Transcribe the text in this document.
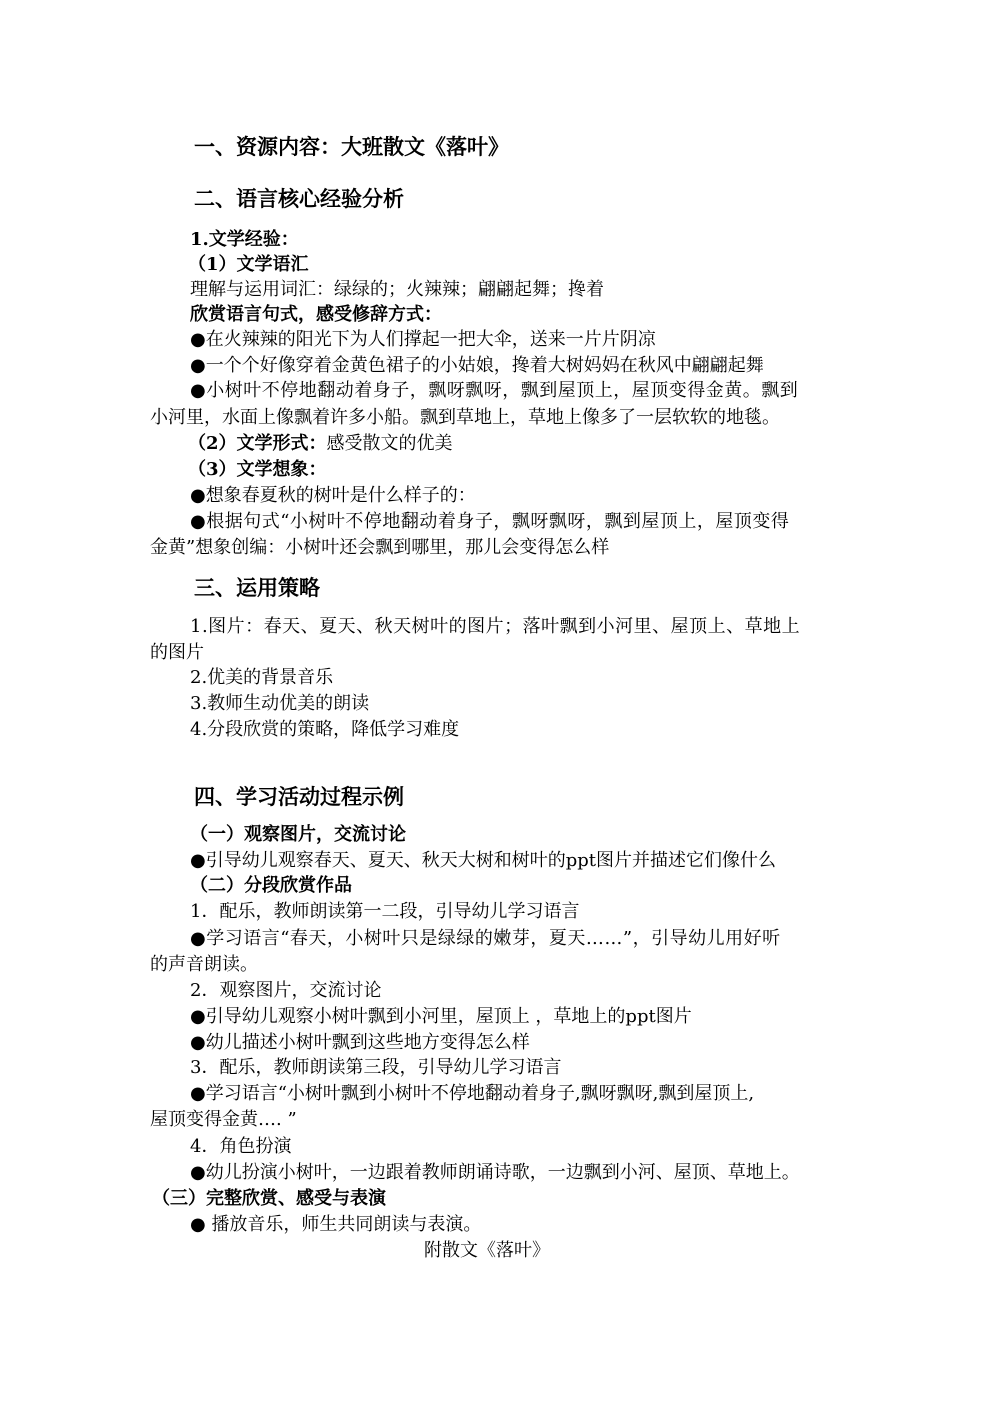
一、资源内容：大班散文《落叶》
二、语言核心经验分析
1.文学经验：
（1）文学语汇
理解与运用词汇：绿绿的；火辣辣；翩翩起舞；搀着
欣赏语言句式，感受修辞方式：
●在火辣辣的阳光下为人们撑起一把大伞，送来一片片阴凉
●一个个好像穿着金黄色裙子的小姑娘，搀着大树妈妈在秋风中翩翩起舞
●小树叶不停地翻动着身子，飘呀飘呀，飘到屋顶上，屋顶变得金黄。飘到
小河里，水面上像飘着许多小船。飘到草地上，草地上像多了一层软软的地毯。
（2）文学形式：感受散文的优美
（3）文学想象：
●想象春夏秋的树叶是什么样子的：
●根据句式“小树叶不停地翻动着身子，飘呀飘呀，飘到屋顶上，屋顶变得
金黄”想象创编：小树叶还会飘到哪里，那儿会变得怎么样
三、运用策略
1.图片：春天、夏天、秋天树叶的图片；落叶飘到小河里、屋顶上、草地上
的图片
2.优美的背景音乐
3.教师生动优美的朗读
4.分段欣赏的策略，降低学习难度
四、学习活动过程示例
（一）观察图片，交流讨论
●引导幼儿观察春天、夏天、秋天大树和树叶的ppt图片并描述它们像什么
（二）分段欣赏作品
1．配乐，教师朗读第一二段，引导幼儿学习语言
●学习语言“春天，小树叶只是绿绿的嫩芽，夏天……”，引导幼儿用好听
的声音朗读。
2．观察图片，交流讨论
●引导幼儿观察小树叶飘到小河里，屋顶上 ，草地上的ppt图片
●幼儿描述小树叶飘到这些地方变得怎么样
3．配乐，教师朗读第三段，引导幼儿学习语言
●学习语言“小树叶飘到小树叶不停地翻动着身子,飘呀飘呀,飘到屋顶上,
屋顶变得金黄…. ”
4．角色扮演
●幼儿扮演小树叶，一边跟着教师朗诵诗歌，一边飘到小河、屋顶、草地上。
（三）完整欣赏、感受与表演
● 播放音乐，师生共同朗读与表演。
附散文《落叶》
